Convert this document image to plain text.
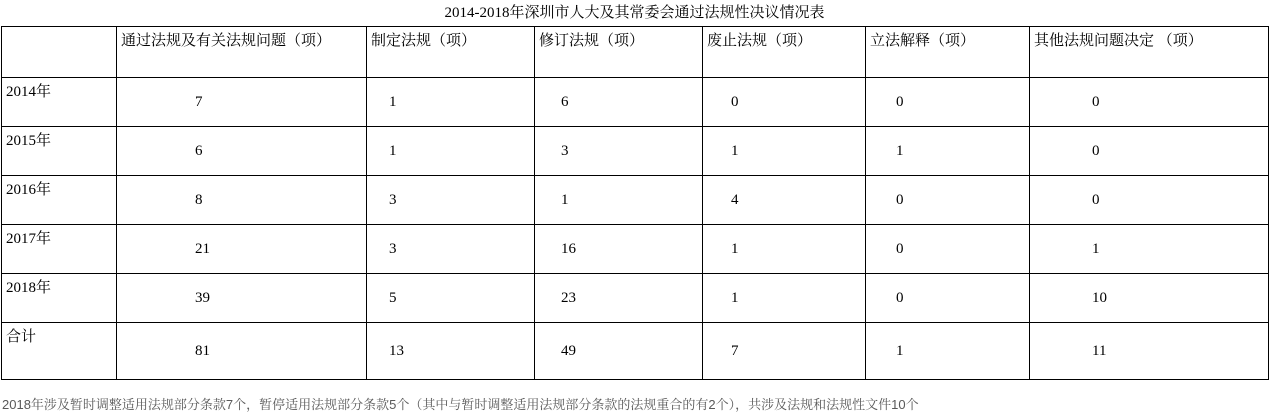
2014-2018年深圳市人大及其常委会通过法规性决议情况表
	通过法规及有关法规问题（项）	制定法规（项）	修订法规（项）	废止法规（项）	立法解释（项）	其他法规问题决定 （项）
2014年	7	1	6	0	0	0
2015年	6	1	3	1	1	0
2016年	8	3	1	4	0	0
2017年	21	3	16	1	0	1
2018年	39	5	23	1	0	10
合计	81	13	49	7	1	11
2018年涉及暂时调整适用法规部分条款7个，暂停适用法规部分条款5个（其中与暂时调整适用法规部分条款的法规重合的有2个），共涉及法规和法规性文件10个
